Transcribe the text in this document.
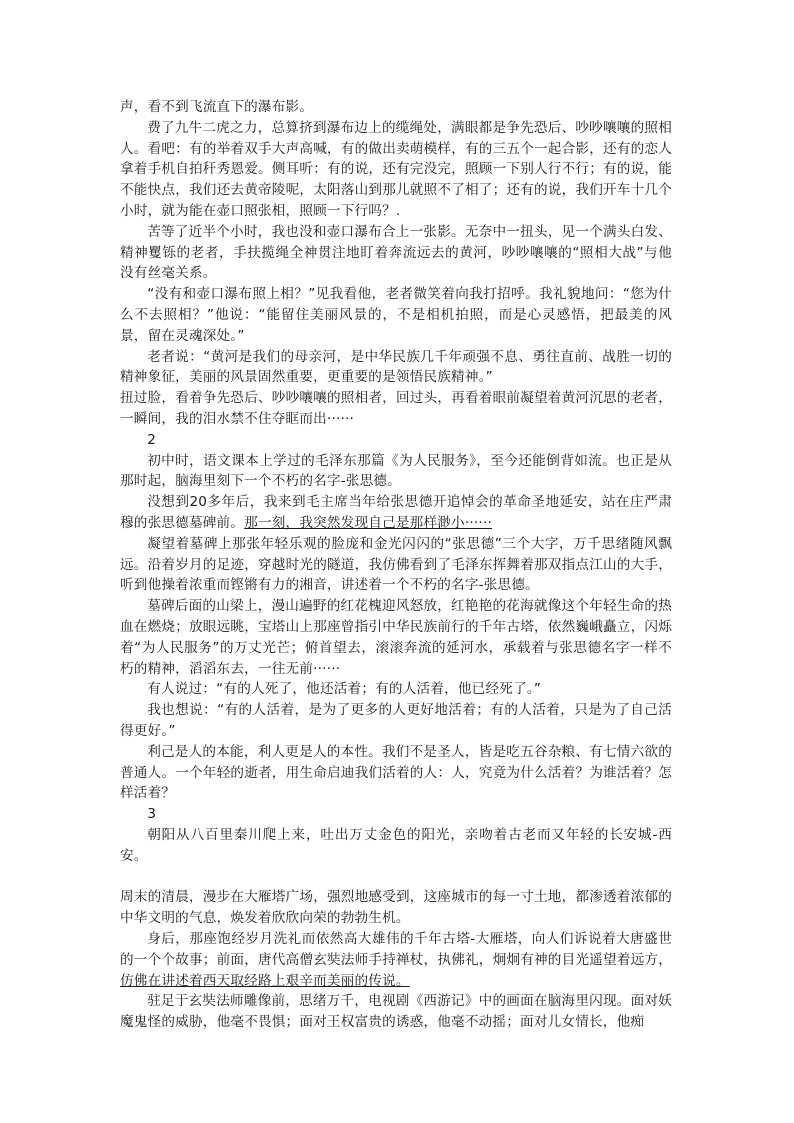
声，看不到飞流直下的瀑布影。

费了九牛二虎之力，总算挤到瀑布边上的缆绳处，满眼都是争先恐后、吵吵嚷嚷的照相人。看吧：有的举着双手大声高喊，有的做出卖萌模样，有的三五个一起合影，还有的恋人拿着手机自拍秆秀恩爱。侧耳听：有的说，还有完没完，照顾一下别人行不行；有的说，能不能快点，我们还去黄帝陵呢，太阳落山到那儿就照不了相了；还有的说，我们开车十几个小时，就为能在壶口照张相，照顾一下行吗？.

苦等了近半个小时，我也没和壶口瀑布合上一张影。无奈中一扭头，见一个满头白发、精神矍铄的老者，手扶揽绳全神贯注地盯着奔流远去的黄河，吵吵嚷嚷的“照相大战”与他没有丝毫关系。

“没有和壶口瀑布照上相？”见我看他，老者微笑着向我打招呼。我礼貌地问：“您为什么不去照相？”他说：“能留住美丽风景的，不是相机拍照，而是心灵感悟，把最美的风景，留在灵魂深处。”

老者说：“黄河是我们的母亲河，是中华民族几千年顽强不息、勇往直前、战胜一切的精神象征，美丽的风景固然重要，更重要的是领悟民族精神。”

扭过脸，看着争先恐后、吵吵嚷嚷的照相者，回过头，再看着眼前凝望着黄河沉思的老者，一瞬间，我的泪水禁不住夺眶而出······

2

初中时，语文课本上学过的毛泽东那篇《为人民服务》，至今还能倒背如流。也正是从那时起，脑海里刻下一个不朽的名字-张思德。

没想到20多年后，我来到毛主席当年给张思德开追悼会的革命圣地延安，站在庄严肃穆的张思德墓碑前。那一刻，我突然发现自己是那样渺小······

凝望着墓碑上那张年轻乐观的脸庞和金光闪闪的“张思德”三个大字，万千思绪随风飘远。沿着岁月的足迹，穿越时光的隧道，我仿佛看到了毛泽东挥舞着那双指点江山的大手，听到他操着浓重而铿锵有力的湘音，讲述着一个不朽的名字-张思德。

墓碑后面的山梁上，漫山遍野的红花槐迎风怒放，红艳艳的花海就像这个年轻生命的热血在燃烧；放眼远眺，宝塔山上那座曾指引中华民族前行的千年古塔，依然巍峨矗立，闪烁着“为人民服务”的万丈光芒；俯首望去，滚滚奔流的延河水，承载着与张思德名字一样不朽的精神，滔滔东去，一往无前······

有人说过：“有的人死了，他还活着；有的人活着，他已经死了。”

我也想说：“有的人活着，是为了更多的人更好地活着；有的人活着，只是为了自己活得更好。”

利己是人的本能，利人更是人的本性。我们不是圣人，皆是吃五谷杂粮、有七情六欲的普通人。一个年轻的逝者，用生命启迪我们活着的人：人，究竟为什么活着？为谁活着？怎样活着？

3

朝阳从八百里秦川爬上来，吐出万丈金色的阳光，亲吻着古老而又年轻的长安城-西安。

周末的清晨，漫步在大雁塔广场，强烈地感受到，这座城市的每一寸土地，都渗透着浓郁的中华文明的气息，焕发着欣欣向荣的勃勃生机。

身后，那座饱经岁月洗礼而依然高大雄伟的千年古塔-大雁塔，向人们诉说着大唐盛世的一个个故事；前面，唐代高僧玄奘法师手持禅杖，执佛礼，炯炯有神的目光遥望着远方，仿佛在讲述着西天取经路上艰辛而美丽的传说。

驻足于玄奘法师雕像前，思绪万千，电视剧《西游记》中的画面在脑海里闪现。面对妖魔鬼怪的威胁，他毫不畏惧；面对王权富贵的诱惑，他毫不动摇；面对儿女情长，他痴
